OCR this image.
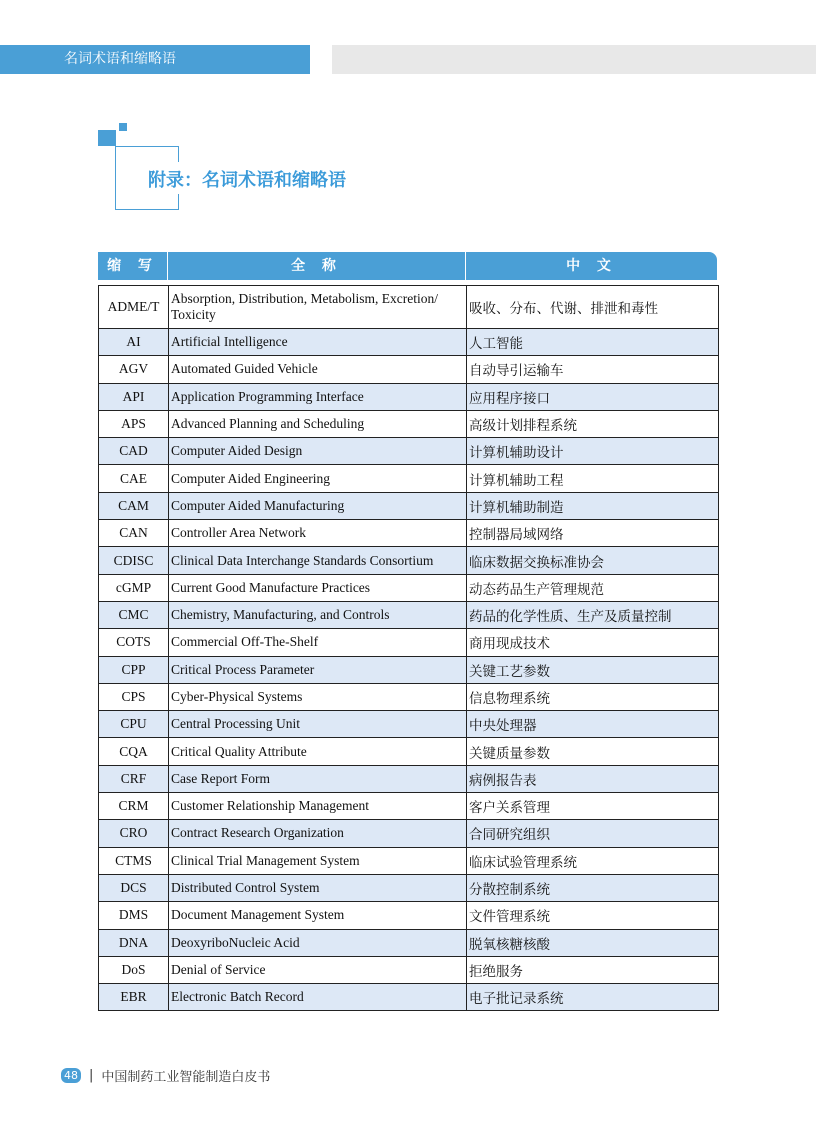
名词术语和缩略语
附录：名词术语和缩略语
缩 写	全 称	中 文
ADME/T	Absorption, Distribution, Metabolism, Excretion/ Toxicity	吸收、分布、代谢、排泄和毒性
AI	Artificial Intelligence	人工智能
AGV	Automated Guided Vehicle	自动导引运输车
API	Application Programming Interface	应用程序接口
APS	Advanced Planning and Scheduling	高级计划排程系统
CAD	Computer Aided Design	计算机辅助设计
CAE	Computer Aided Engineering	计算机辅助工程
CAM	Computer Aided Manufacturing	计算机辅助制造
CAN	Controller Area Network	控制器局域网络
CDISC	Clinical Data Interchange Standards Consortium	临床数据交换标准协会
cGMP	Current Good Manufacture Practices	动态药品生产管理规范
CMC	Chemistry, Manufacturing, and Controls	药品的化学性质、生产及质量控制
COTS	Commercial Off-The-Shelf	商用现成技术
CPP	Critical Process Parameter	关键工艺参数
CPS	Cyber-Physical Systems	信息物理系统
CPU	Central Processing Unit	中央处理器
CQA	Critical Quality Attribute	关键质量参数
CRF	Case Report Form	病例报告表
CRM	Customer Relationship Management	客户关系管理
CRO	Contract Research Organization	合同研究组织
CTMS	Clinical Trial Management System	临床试验管理系统
DCS	Distributed Control System	分散控制系统
DMS	Document Management System	文件管理系统
DNA	DeoxyriboNucleic Acid	脱氧核糖核酸
DoS	Denial of Service	拒绝服务
EBR	Electronic Batch Record	电子批记录系统
48 | 中国制药工业智能制造白皮书
